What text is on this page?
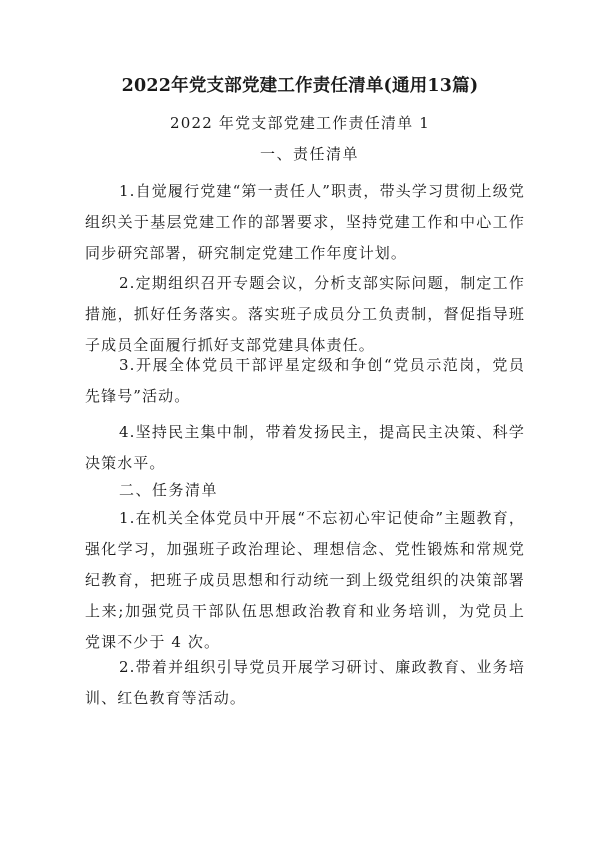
2022年党支部党建工作责任清单(通用13篇)
2022 年党支部党建工作责任清单 1
一、责任清单
1.自觉履行党建“第一责任人”职责，带头学习贯彻上级党组织关于基层党建工作的部署要求，坚持党建工作和中心工作同步研究部署，研究制定党建工作年度计划。
2.定期组织召开专题会议，分析支部实际问题，制定工作措施，抓好任务落实。落实班子成员分工负责制，督促指导班子成员全面履行抓好支部党建具体责任。
3.开展全体党员干部评星定级和争创“党员示范岗，党员先锋号”活动。
4.坚持民主集中制，带着发扬民主，提高民主决策、科学决策水平。
二、任务清单
1.在机关全体党员中开展“不忘初心牢记使命”主题教育，强化学习，加强班子政治理论、理想信念、党性锻炼和常规党纪教育，把班子成员思想和行动统一到上级党组织的决策部署上来;加强党员干部队伍思想政治教育和业务培训，为党员上党课不少于 4 次。
2.带着并组织引导党员开展学习研讨、廉政教育、业务培训、红色教育等活动。
